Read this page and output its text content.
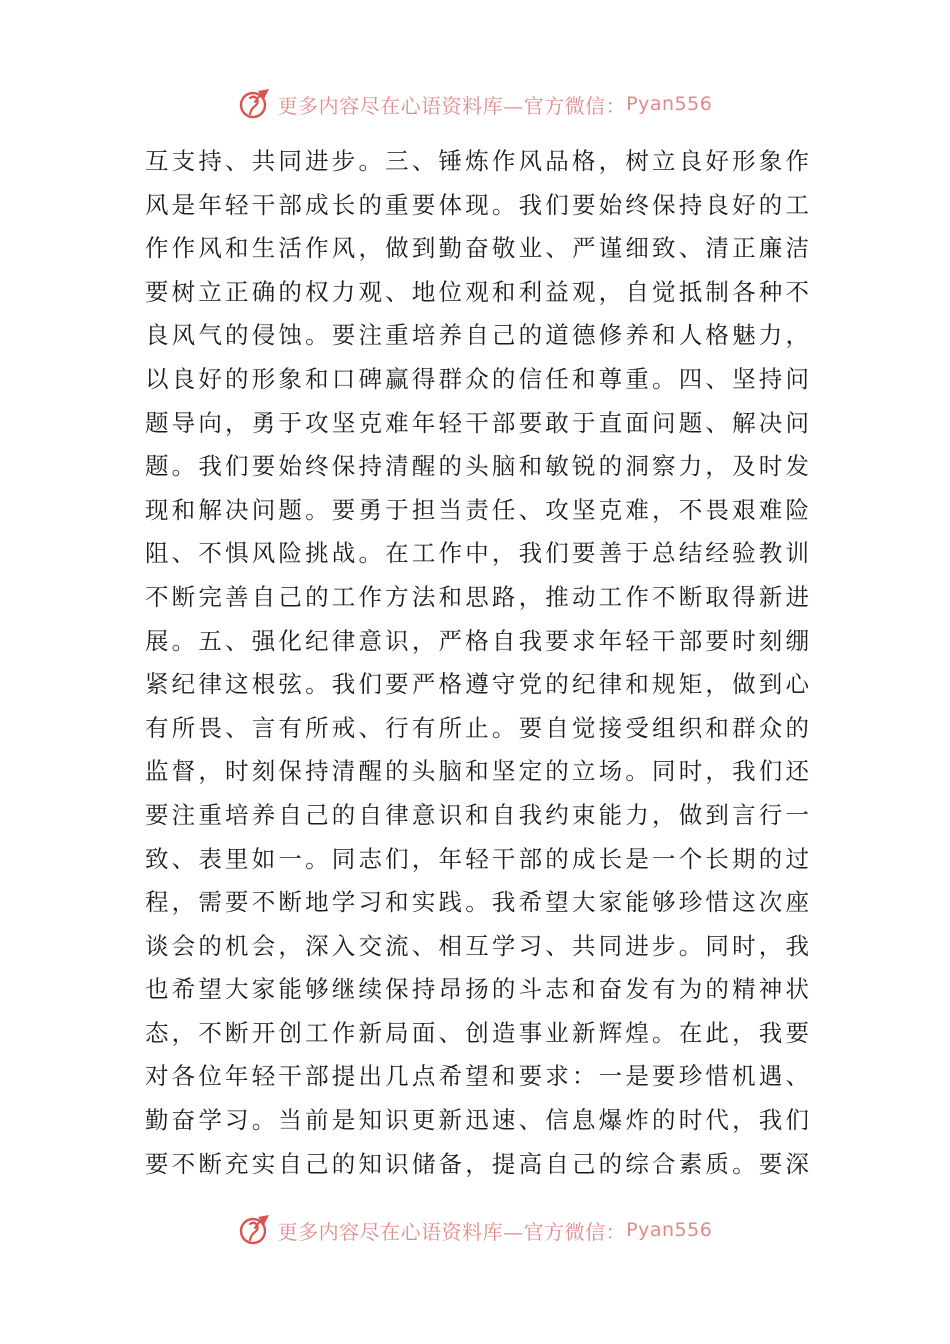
更多内容尽在心语资料库—官方微信： Pyan556
互支持、共同进步。三、锤炼作风品格，树立良好形象作
风是年轻干部成长的重要体现。我们要始终保持良好的工
作作风和生活作风，做到勤奋敬业、严谨细致、清正廉洁
要树立正确的权力观、地位观和利益观，自觉抵制各种不
良风气的侵蚀。要注重培养自己的道德修养和人格魅力，
以良好的形象和口碑赢得群众的信任和尊重。四、坚持问
题导向，勇于攻坚克难年轻干部要敢于直面问题、解决问
题。我们要始终保持清醒的头脑和敏锐的洞察力，及时发
现和解决问题。要勇于担当责任、攻坚克难，不畏艰难险
阻、不惧风险挑战。在工作中，我们要善于总结经验教训
不断完善自己的工作方法和思路，推动工作不断取得新进
展。五、强化纪律意识，严格自我要求年轻干部要时刻绷
紧纪律这根弦。我们要严格遵守党的纪律和规矩，做到心
有所畏、言有所戒、行有所止。要自觉接受组织和群众的
监督，时刻保持清醒的头脑和坚定的立场。同时，我们还
要注重培养自己的自律意识和自我约束能力，做到言行一
致、表里如一。同志们，年轻干部的成长是一个长期的过
程，需要不断地学习和实践。我希望大家能够珍惜这次座
谈会的机会，深入交流、相互学习、共同进步。同时，我
也希望大家能够继续保持昂扬的斗志和奋发有为的精神状
态，不断开创工作新局面、创造事业新辉煌。在此，我要
对各位年轻干部提出几点希望和要求：一是要珍惜机遇、
勤奋学习。当前是知识更新迅速、信息爆炸的时代，我们
要不断充实自己的知识储备，提高自己的综合素质。要深
更多内容尽在心语资料库—官方微信： Pyan556
